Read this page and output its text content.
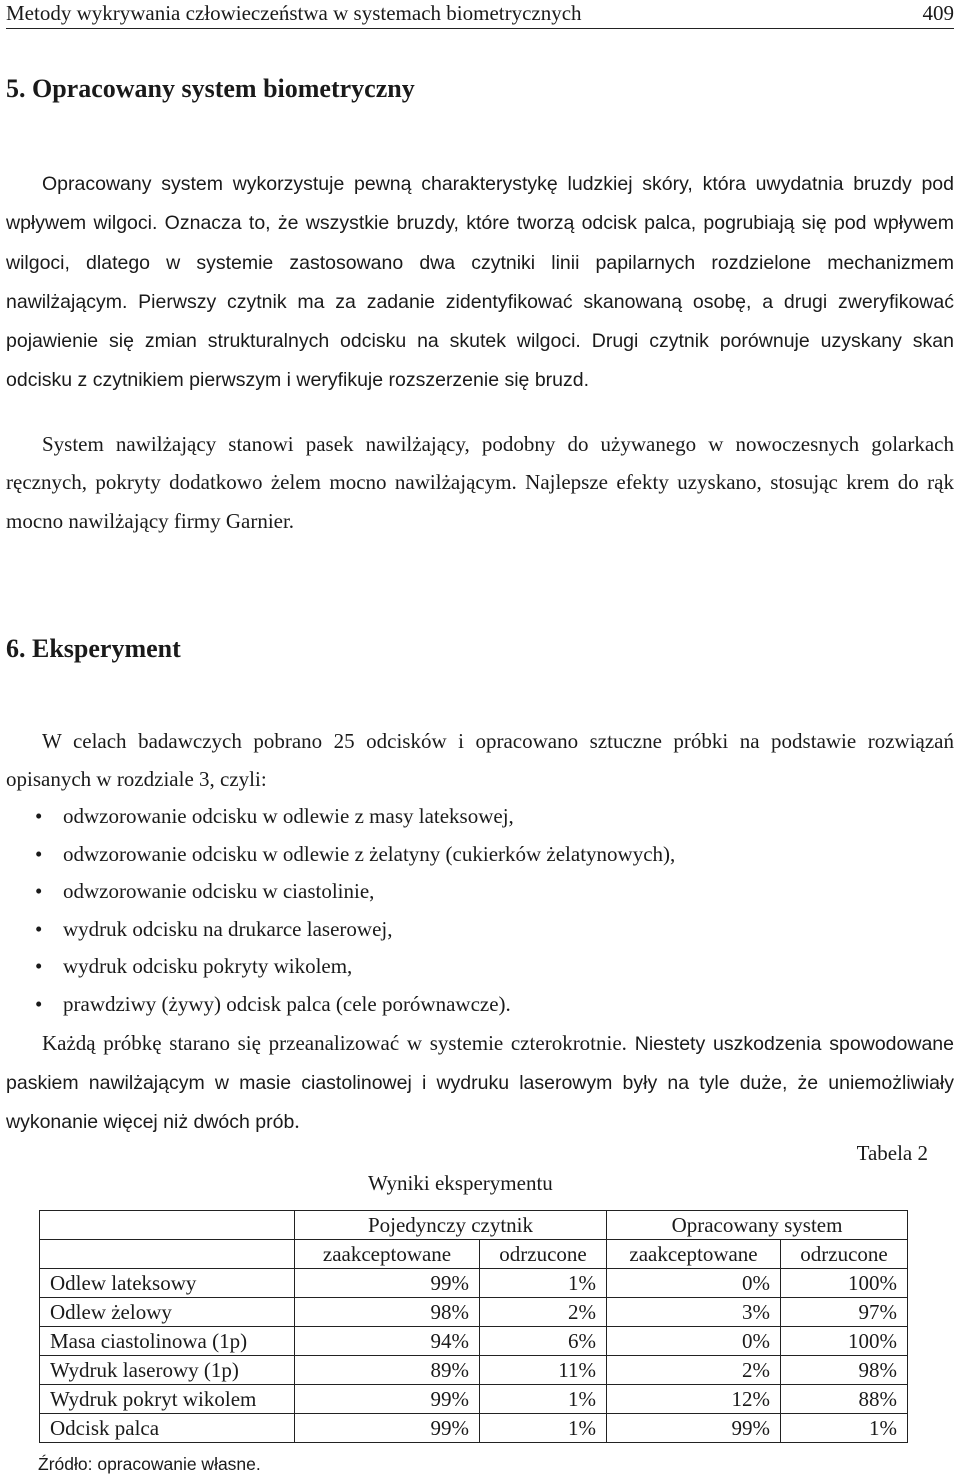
Metody wykrywania człowieczeństwa w systemach biometrycznych	409
5. Opracowany system biometryczny

Opracowany system wykorzystuje pewną charakterystykę ludzkiej skóry, która uwydatnia bruzdy pod wpływem wilgoci. Oznacza to, że wszystkie bruzdy, które tworzą odcisk palca, pogrubiają się pod wpływem wilgoci, dlatego w systemie zastosowano dwa czytniki linii papilarnych rozdzielone mechanizmem nawilżającym. Pierwszy czytnik ma za zadanie zidentyfikować skanowaną osobę, a drugi zweryfikować pojawienie się zmian strukturalnych odcisku na skutek wilgoci. Drugi czytnik porównuje uzyskany skan odcisku z czytnikiem pierwszym i weryfikuje rozszerzenie się bruzd.

System nawilżający stanowi pasek nawilżający, podobny do używanego w nowoczesnych golarkach ręcznych, pokryty dodatkowo żelem mocno nawilżającym. Najlepsze efekty uzyskano, stosując krem do rąk mocno nawilżający firmy Garnier.

6. Eksperyment

W celach badawczych pobrano 25 odcisków i opracowano sztuczne próbki na podstawie rozwiązań opisanych w rozdziale 3, czyli:

• odwzorowanie odcisku w odlewie z masy lateksowej,
• odwzorowanie odcisku w odlewie z żelatyny (cukierków żelatynowych),
• odwzorowanie odcisku w ciastolinie,
• wydruk odcisku na drukarce laserowej,
• wydruk odcisku pokryty wikolem,
• prawdziwy (żywy) odcisk palca (cele porównawcze).

Każdą próbkę starano się przeanalizować w systemie czterokrotnie. Niestety uszkodzenia spowodowane paskiem nawilżającym w masie ciastolinowej i wydruku laserowym były na tyle duże, że uniemożliwiały wykonanie więcej niż dwóch prób.

Tabela 2
Wyniki eksperymentu
	Pojedynczy czytnik		Opracowany system	
	zaakceptowane	odrzucone	zaakceptowane	odrzucone
Odlew lateksowy	99%	1%	0%	100%
Odlew żelowy	98%	2%	3%	97%
Masa ciastolinowa (1p)	94%	6%	0%	100%
Wydruk laserowy (1p)	89%	11%	2%	98%
Wydruk pokryt wikolem	99%	1%	12%	88%
Odcisk palca	99%	1%	99%	1%
Źródło: opracowanie własne.
